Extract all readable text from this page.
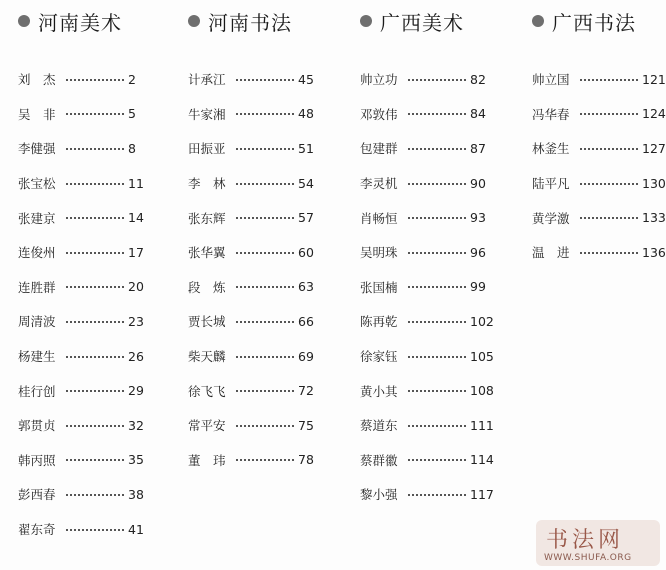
河南美术
刘　杰	2
吴　非	5
李健强	8
张宝松	11
张建京	14
连俊州	17
连胜群	20
周清波	23
杨建生	26
桂行创	29
郭贯贞	32
韩丙照	35
彭西春	38
翟东奇	41
河南书法
计承江	45
牛家湘	48
田振亚	51
李　林	54
张东辉	57
张华翼	60
段　炼	63
贾长城	66
柴天麟	69
徐飞飞	72
常平安	75
董　玮	78
广西美术
帅立功	82
邓敦伟	84
包建群	87
李灵机	90
肖畅恒	93
吴明珠	96
张国楠	99
陈再乾	102
徐家钰	105
黄小其	108
蔡道东	111
蔡群徽	114
黎小强	117
广西书法
帅立国	121
冯华春	124
林釜生	127
陆平凡	130
黄学激	133
温　进	136
书法网
WWW.SHUFA.ORG
